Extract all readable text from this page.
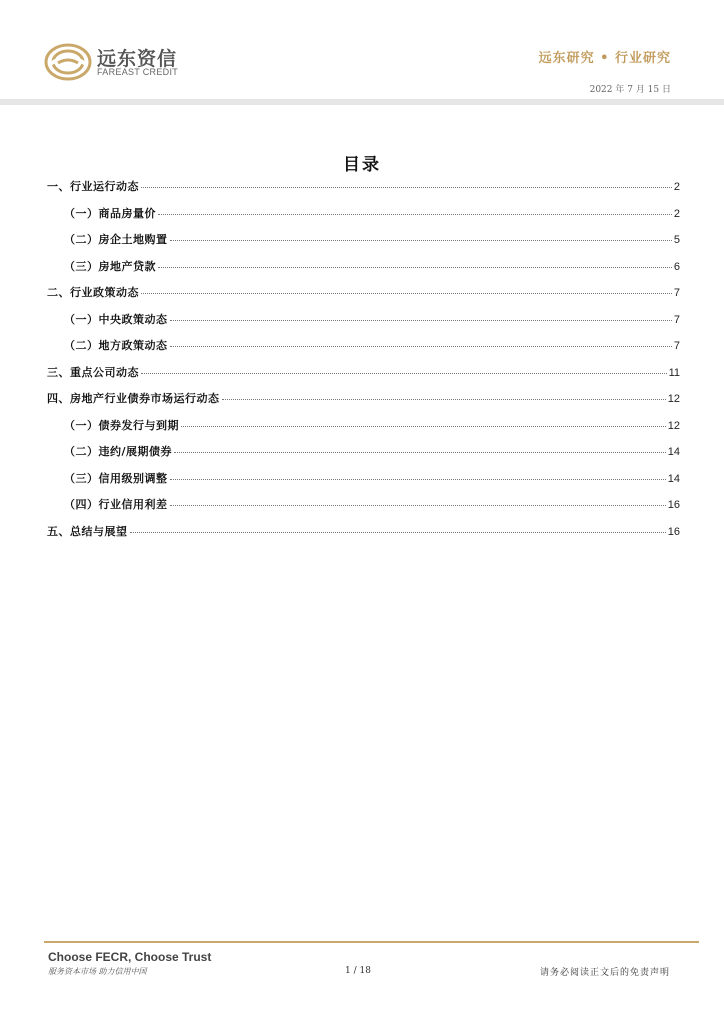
远东资信
FAREAST CREDIT
远东研究 • 行业研究
2022 年 7 月 15 日
目录
一、行业运行动态	2
（一）商品房量价	2
（二）房企土地购置	5
（三）房地产贷款	6
二、行业政策动态	7
（一）中央政策动态	7
（二）地方政策动态	7
三、重点公司动态	11
四、房地产行业债券市场运行动态	12
（一）债券发行与到期	12
（二）违约/展期债券	14
（三）信用级别调整	14
（四）行业信用利差	16
五、总结与展望	16
Choose FECR, Choose Trust
服务资本市场 助力信用中国	1 / 18	请务必阅读正文后的免责声明
